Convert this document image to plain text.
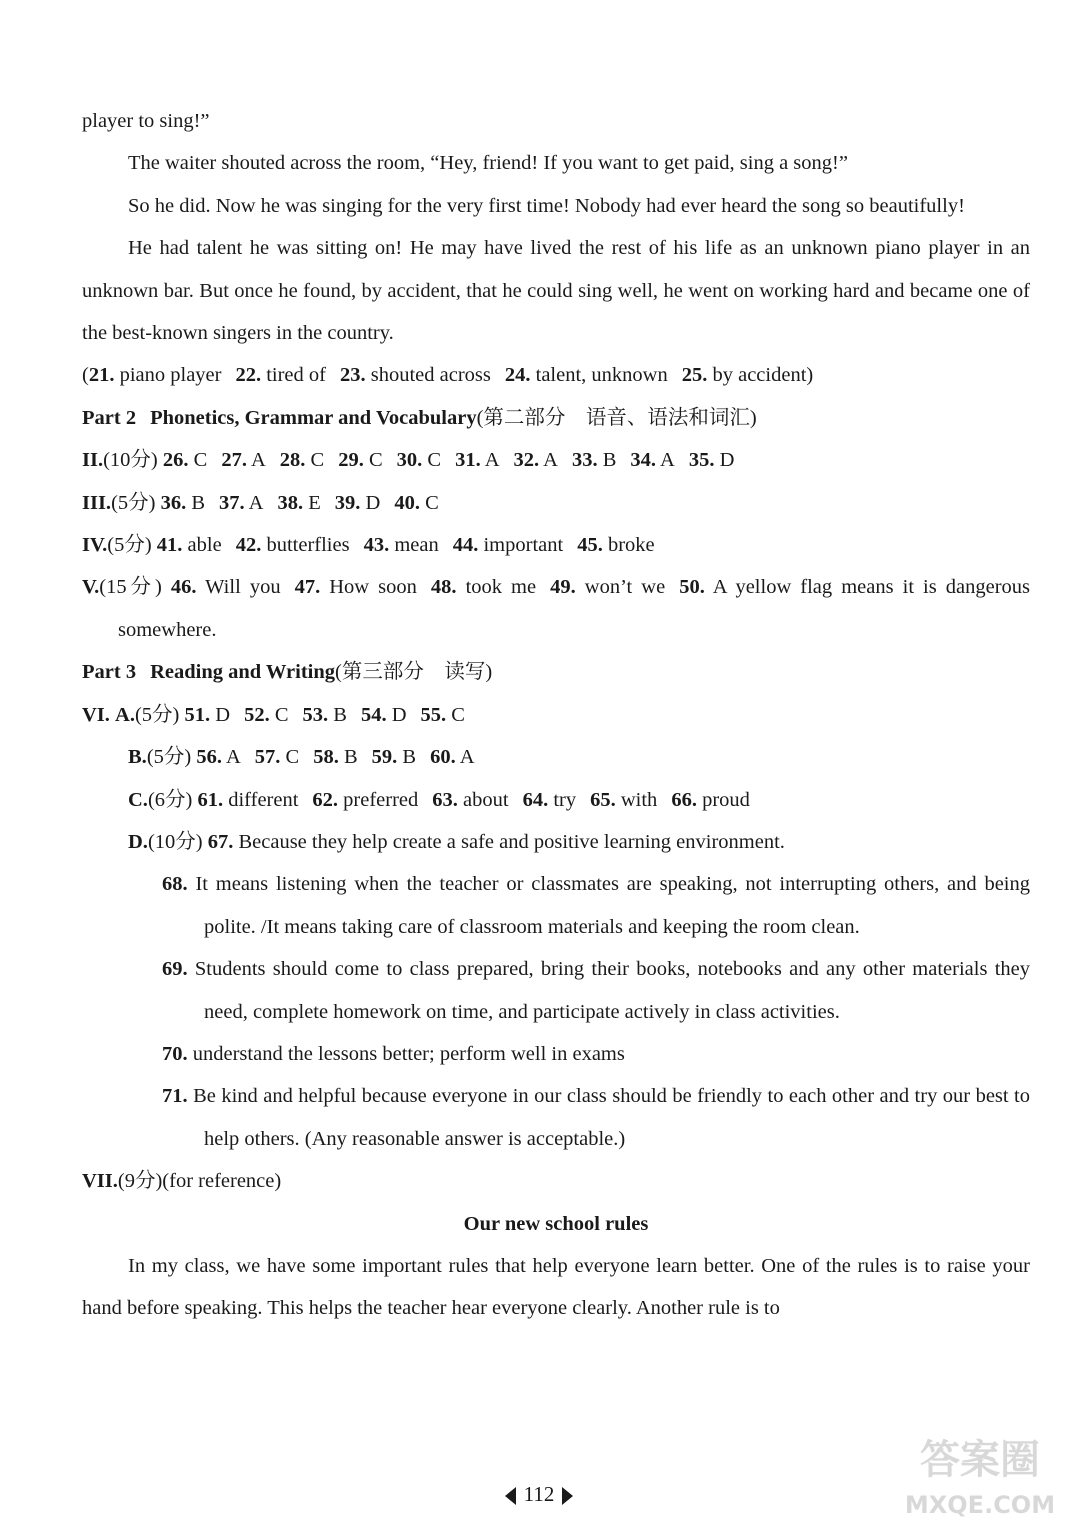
player to sing!”

The waiter shouted across the room, “Hey, friend! If you want to get paid, sing a song!”

So he did. Now he was singing for the very first time! Nobody had ever heard the song so beautifully!

He had talent he was sitting on! He may have lived the rest of his life as an unknown piano player in an unknown bar. But once he found, by accident, that he could sing well, he went on working hard and became one of the best-known singers in the country.

(21. piano player 22. tired of 23. shouted across 24. talent, unknown 25. by accident)

Part 2 Phonetics, Grammar and Vocabulary(第二部分　语音、语法和词汇)

II.(10分) 26. C 27. A 28. C 29. C 30. C 31. A 32. A 33. B 34. A 35. D

III.(5分) 36. B 37. A 38. E 39. D 40. C

IV.(5分) 41. able 42. butterflies 43. mean 44. important 45. broke

V.(15分) 46. Will you 47. How soon 48. took me 49. won’t we 50. A yellow flag means it is dangerous somewhere.

Part 3 Reading and Writing(第三部分　读写)

VI. A.(5分) 51. D 52. C 53. B 54. D 55. C

B.(5分) 56. A 57. C 58. B 59. B 60. A

C.(6分) 61. different 62. preferred 63. about 64. try 65. with 66. proud

D.(10分) 67. Because they help create a safe and positive learning environment.

68. It means listening when the teacher or classmates are speaking, not interrupting others, and being polite. /It means taking care of classroom materials and keeping the room clean.

69. Students should come to class prepared, bring their books, notebooks and any other materials they need, complete homework on time, and participate actively in class activities.

70. understand the lessons better; perform well in exams

71. Be kind and helpful because everyone in our class should be friendly to each other and try our best to help others. (Any reasonable answer is acceptable.)

VII.(9分)(for reference)

Our new school rules

In my class, we have some important rules that help everyone learn better. One of the rules is to raise your hand before speaking. This helps the teacher hear everyone clearly. Another rule is to

112
答案圈
MXQE.COM
